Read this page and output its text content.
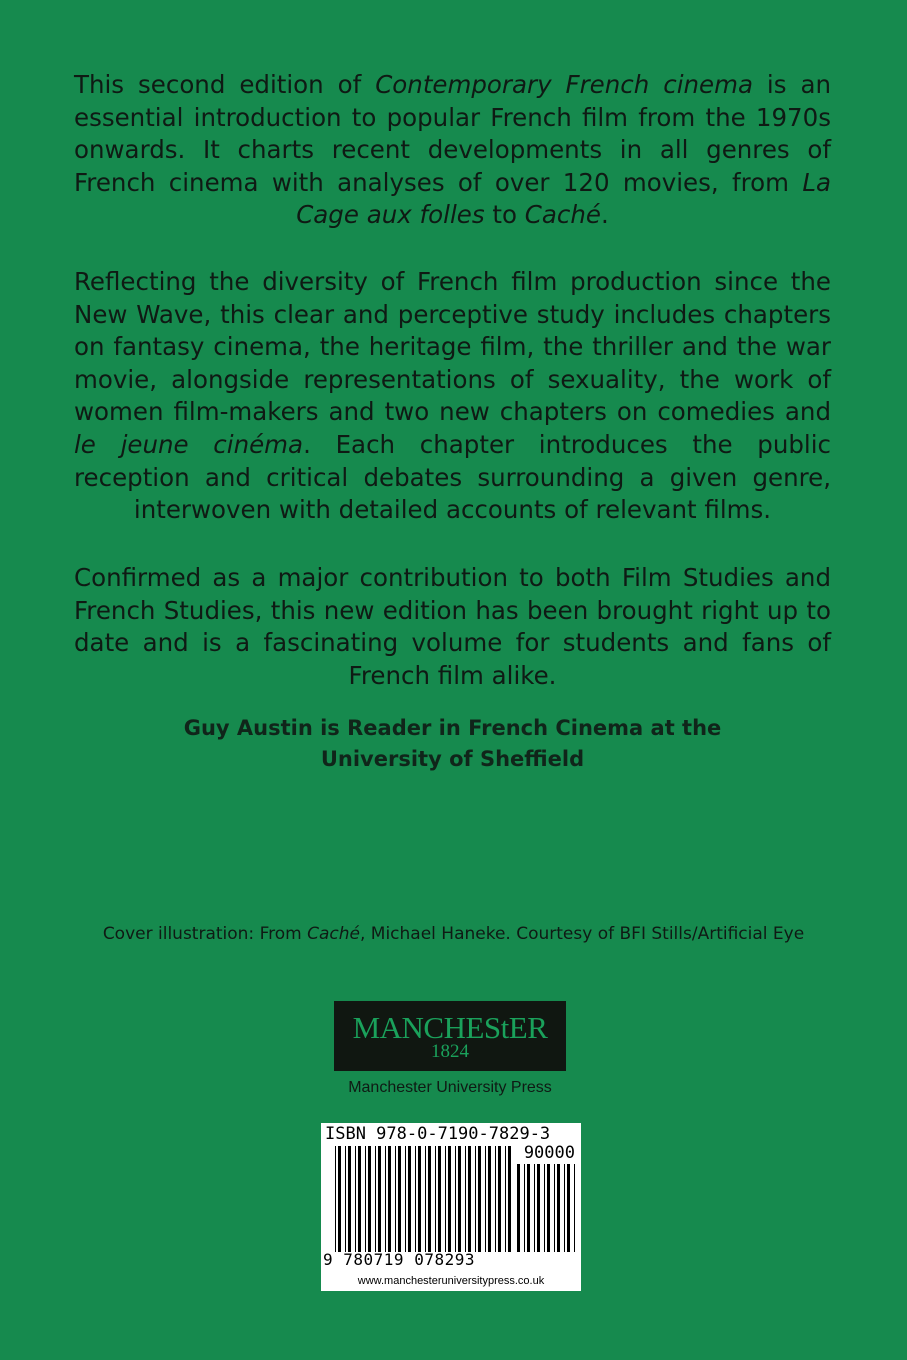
This second edition of Contemporary French cinema is an essential introduction to popular French film from the 1970s onwards. It charts recent developments in all genres of French cinema with analyses of over 120 movies, from La Cage aux folles to Caché.

Reflecting the diversity of French film production since the New Wave, this clear and perceptive study includes chapters on fantasy cinema, the heritage film, the thriller and the war movie, alongside representations of sexuality, the work of women film-makers and two new chapters on comedies and le jeune cinéma. Each chapter introduces the public reception and critical debates surrounding a given genre, interwoven with detailed accounts of relevant films.

Confirmed as a major contribution to both Film Studies and French Studies, this new edition has been brought right up to date and is a fascinating volume for students and fans of French film alike.

Guy Austin is Reader in French Cinema at the
University of Sheffield

Cover illustration: From Caché, Michael Haneke. Courtesy of BFI Stills/Artificial Eye

MANCHEStER
1824
Manchester University Press
ISBN 978-0-7190-7829-3
90000
9 780719 078293
www.manchesteruniversitypress.co.uk
